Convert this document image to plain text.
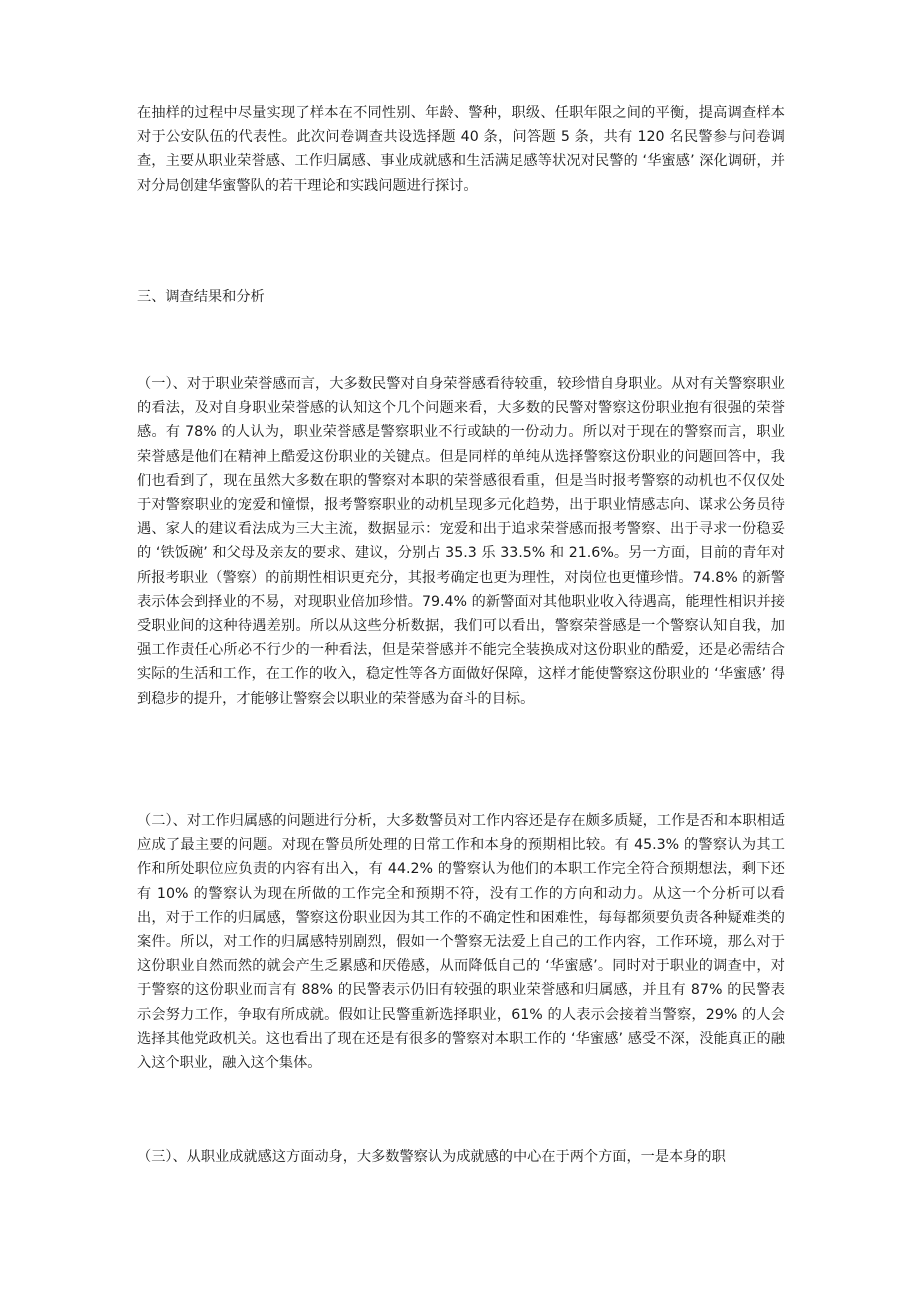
在抽样的过程中尽量实现了样本在不同性别、年龄、警种，职级、任职年限之间的平衡，提高调查样本对于公安队伍的代表性。此次问卷调查共设选择题 40 条，问答题 5 条，共有 120 名民警参与问卷调查，主要从职业荣誉感、工作归属感、事业成就感和生活满足感等状况对民警的 ‘华蜜感’ 深化调研，并对分局创建华蜜警队的若干理论和实践问题进行探讨。

三、调查结果和分析

（一）、对于职业荣誉感而言，大多数民警对自身荣誉感看待较重，较珍惜自身职业。从对有关警察职业的看法，及对自身职业荣誉感的认知这个几个问题来看，大多数的民警对警察这份职业抱有很强的荣誉感。有 78% 的人认为，职业荣誉感是警察职业不行或缺的一份动力。所以对于现在的警察而言，职业荣誉感是他们在精神上酷爱这份职业的关键点。但是同样的单纯从选择警察这份职业的问题回答中，我们也看到了，现在虽然大多数在职的警察对本职的荣誉感很看重，但是当时报考警察的动机也不仅仅处于对警察职业的宠爱和憧憬，报考警察职业的动机呈现多元化趋势，出于职业情感志向、谋求公务员待遇、家人的建议看法成为三大主流，数据显示：宠爱和出于追求荣誉感而报考警察、出于寻求一份稳妥的 ‘铁饭碗’ 和父母及亲友的要求、建议，分别占 35.3 乐 33.5% 和 21.6%。另一方面，目前的青年对所报考职业（警察）的前期性相识更充分，其报考确定也更为理性，对岗位也更懂珍惜。74.8% 的新警表示体会到择业的不易，对现职业倍加珍惜。79.4% 的新警面对其他职业收入待遇高，能理性相识并接受职业间的这种待遇差别。所以从这些分析数据，我们可以看出，警察荣誉感是一个警察认知自我，加强工作责任心所必不行少的一种看法，但是荣誉感并不能完全装换成对这份职业的酷爱，还是必需结合实际的生活和工作，在工作的收入，稳定性等各方面做好保障，这样才能使警察这份职业的 ‘华蜜感’ 得到稳步的提升，才能够让警察会以职业的荣誉感为奋斗的目标。

（二）、对工作归属感的问题进行分析，大多数警员对工作内容还是存在颇多质疑，工作是否和本职相适应成了最主要的问题。对现在警员所处理的日常工作和本身的预期相比较。有 45.3% 的警察认为其工作和所处职位应负责的内容有出入，有 44.2% 的警察认为他们的本职工作完全符合预期想法，剩下还有 10% 的警察认为现在所做的工作完全和预期不符，没有工作的方向和动力。从这一个分析可以看出，对于工作的归属感，警察这份职业因为其工作的不确定性和困难性，每每都须要负责各种疑难类的案件。所以，对工作的归属感特别剧烈，假如一个警察无法爱上自己的工作内容，工作环境，那么对于这份职业自然而然的就会产生乏累感和厌倦感，从而降低自己的 ‘华蜜感’。同时对于职业的调查中，对于警察的这份职业而言有 88% 的民警表示仍旧有较强的职业荣誉感和归属感，并且有 87% 的民警表示会努力工作，争取有所成就。假如让民警重新选择职业，61% 的人表示会接着当警察，29% 的人会选择其他党政机关。这也看出了现在还是有很多的警察对本职工作的 ‘华蜜感’ 感受不深，没能真正的融入这个职业，融入这个集体。

（三）、从职业成就感这方面动身，大多数警察认为成就感的中心在于两个方面，一是本身的职
